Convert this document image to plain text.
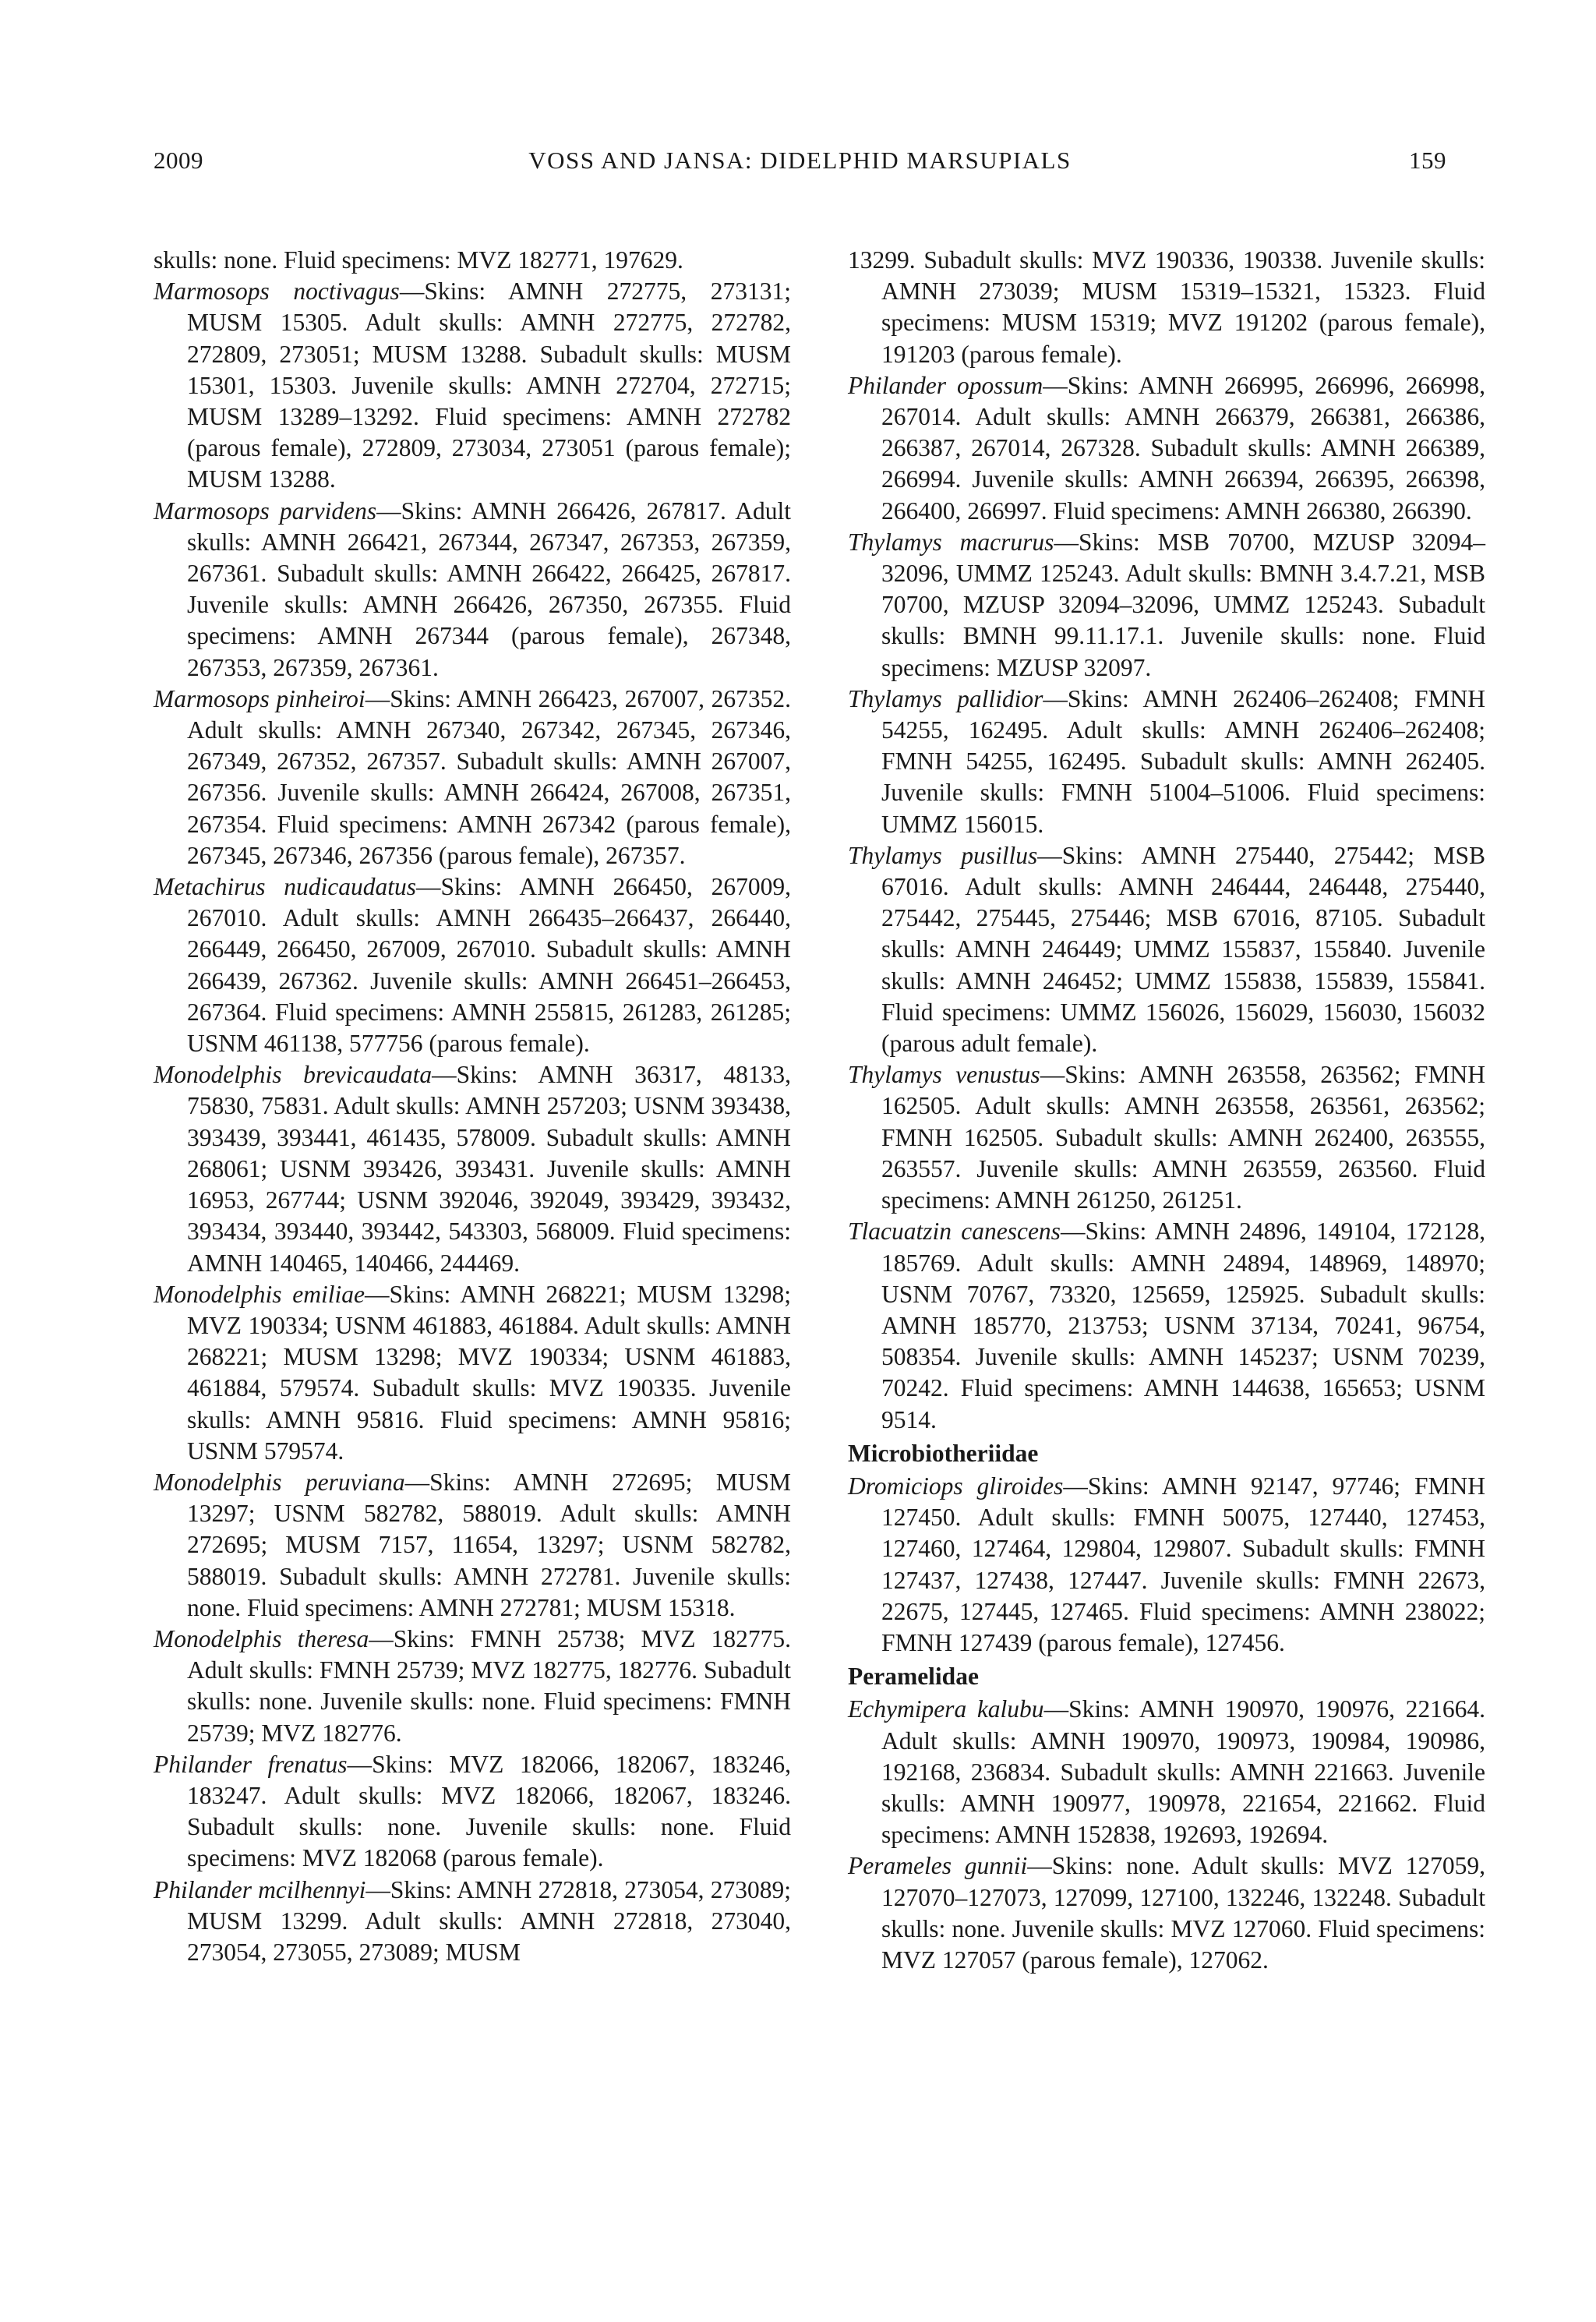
2009	VOSS AND JANSA: DIDELPHID MARSUPIALS	159

skulls: none. Fluid specimens: MVZ 182771, 197629.

Marmosops noctivagus—Skins: AMNH 272775, 273131; MUSM 15305. Adult skulls: AMNH 272775, 272782, 272809, 273051; MUSM 13288. Subadult skulls: MUSM 15301, 15303. Juvenile skulls: AMNH 272704, 272715; MUSM 13289–13292. Fluid specimens: AMNH 272782 (parous female), 272809, 273034, 273051 (parous female); MUSM 13288.

Marmosops parvidens—Skins: AMNH 266426, 267817. Adult skulls: AMNH 266421, 267344, 267347, 267353, 267359, 267361. Subadult skulls: AMNH 266422, 266425, 267817. Juvenile skulls: AMNH 266426, 267350, 267355. Fluid specimens: AMNH 267344 (parous female), 267348, 267353, 267359, 267361.

Marmosops pinheiroi—Skins: AMNH 266423, 267007, 267352. Adult skulls: AMNH 267340, 267342, 267345, 267346, 267349, 267352, 267357. Subadult skulls: AMNH 267007, 267356. Juvenile skulls: AMNH 266424, 267008, 267351, 267354. Fluid specimens: AMNH 267342 (parous female), 267345, 267346, 267356 (parous female), 267357.

Metachirus nudicaudatus—Skins: AMNH 266450, 267009, 267010. Adult skulls: AMNH 266435–266437, 266440, 266449, 266450, 267009, 267010. Subadult skulls: AMNH 266439, 267362. Juvenile skulls: AMNH 266451–266453, 267364. Fluid specimens: AMNH 255815, 261283, 261285; USNM 461138, 577756 (parous female).

Monodelphis brevicaudata—Skins: AMNH 36317, 48133, 75830, 75831. Adult skulls: AMNH 257203; USNM 393438, 393439, 393441, 461435, 578009. Subadult skulls: AMNH 268061; USNM 393426, 393431. Juvenile skulls: AMNH 16953, 267744; USNM 392046, 392049, 393429, 393432, 393434, 393440, 393442, 543303, 568009. Fluid specimens: AMNH 140465, 140466, 244469.

Monodelphis emiliae—Skins: AMNH 268221; MUSM 13298; MVZ 190334; USNM 461883, 461884. Adult skulls: AMNH 268221; MUSM 13298; MVZ 190334; USNM 461883, 461884, 579574. Subadult skulls: MVZ 190335. Juvenile skulls: AMNH 95816. Fluid specimens: AMNH 95816; USNM 579574.

Monodelphis peruviana—Skins: AMNH 272695; MUSM 13297; USNM 582782, 588019. Adult skulls: AMNH 272695; MUSM 7157, 11654, 13297; USNM 582782, 588019. Subadult skulls: AMNH 272781. Juvenile skulls: none. Fluid specimens: AMNH 272781; MUSM 15318.

Monodelphis theresa—Skins: FMNH 25738; MVZ 182775. Adult skulls: FMNH 25739; MVZ 182775, 182776. Subadult skulls: none. Juvenile skulls: none. Fluid specimens: FMNH 25739; MVZ 182776.

Philander frenatus—Skins: MVZ 182066, 182067, 183246, 183247. Adult skulls: MVZ 182066, 182067, 183246. Subadult skulls: none. Juvenile skulls: none. Fluid specimens: MVZ 182068 (parous female).

Philander mcilhennyi—Skins: AMNH 272818, 273054, 273089; MUSM 13299. Adult skulls: AMNH 272818, 273040, 273054, 273055, 273089; MUSM

13299. Subadult skulls: MVZ 190336, 190338. Juvenile skulls: AMNH 273039; MUSM 15319–15321, 15323. Fluid specimens: MUSM 15319; MVZ 191202 (parous female), 191203 (parous female).

Philander opossum—Skins: AMNH 266995, 266996, 266998, 267014. Adult skulls: AMNH 266379, 266381, 266386, 266387, 267014, 267328. Subadult skulls: AMNH 266389, 266994. Juvenile skulls: AMNH 266394, 266395, 266398, 266400, 266997. Fluid specimens: AMNH 266380, 266390.

Thylamys macrurus—Skins: MSB 70700, MZUSP 32094–32096, UMMZ 125243. Adult skulls: BMNH 3.4.7.21, MSB 70700, MZUSP 32094–32096, UMMZ 125243. Subadult skulls: BMNH 99.11.17.1. Juvenile skulls: none. Fluid specimens: MZUSP 32097.

Thylamys pallidior—Skins: AMNH 262406–262408; FMNH 54255, 162495. Adult skulls: AMNH 262406–262408; FMNH 54255, 162495. Subadult skulls: AMNH 262405. Juvenile skulls: FMNH 51004–51006. Fluid specimens: UMMZ 156015.

Thylamys pusillus—Skins: AMNH 275440, 275442; MSB 67016. Adult skulls: AMNH 246444, 246448, 275440, 275442, 275445, 275446; MSB 67016, 87105. Subadult skulls: AMNH 246449; UMMZ 155837, 155840. Juvenile skulls: AMNH 246452; UMMZ 155838, 155839, 155841. Fluid specimens: UMMZ 156026, 156029, 156030, 156032 (parous adult female).

Thylamys venustus—Skins: AMNH 263558, 263562; FMNH 162505. Adult skulls: AMNH 263558, 263561, 263562; FMNH 162505. Subadult skulls: AMNH 262400, 263555, 263557. Juvenile skulls: AMNH 263559, 263560. Fluid specimens: AMNH 261250, 261251.

Tlacuatzin canescens—Skins: AMNH 24896, 149104, 172128, 185769. Adult skulls: AMNH 24894, 148969, 148970; USNM 70767, 73320, 125659, 125925. Subadult skulls: AMNH 185770, 213753; USNM 37134, 70241, 96754, 508354. Juvenile skulls: AMNH 145237; USNM 70239, 70242. Fluid specimens: AMNH 144638, 165653; USNM 9514.

Microbiotheriidae

Dromiciops gliroides—Skins: AMNH 92147, 97746; FMNH 127450. Adult skulls: FMNH 50075, 127440, 127453, 127460, 127464, 129804, 129807. Subadult skulls: FMNH 127437, 127438, 127447. Juvenile skulls: FMNH 22673, 22675, 127445, 127465. Fluid specimens: AMNH 238022; FMNH 127439 (parous female), 127456.

Peramelidae

Echymipera kalubu—Skins: AMNH 190970, 190976, 221664. Adult skulls: AMNH 190970, 190973, 190984, 190986, 192168, 236834. Subadult skulls: AMNH 221663. Juvenile skulls: AMNH 190977, 190978, 221654, 221662. Fluid specimens: AMNH 152838, 192693, 192694.

Perameles gunnii—Skins: none. Adult skulls: MVZ 127059, 127070–127073, 127099, 127100, 132246, 132248. Subadult skulls: none. Juvenile skulls: MVZ 127060. Fluid specimens: MVZ 127057 (parous female), 127062.
